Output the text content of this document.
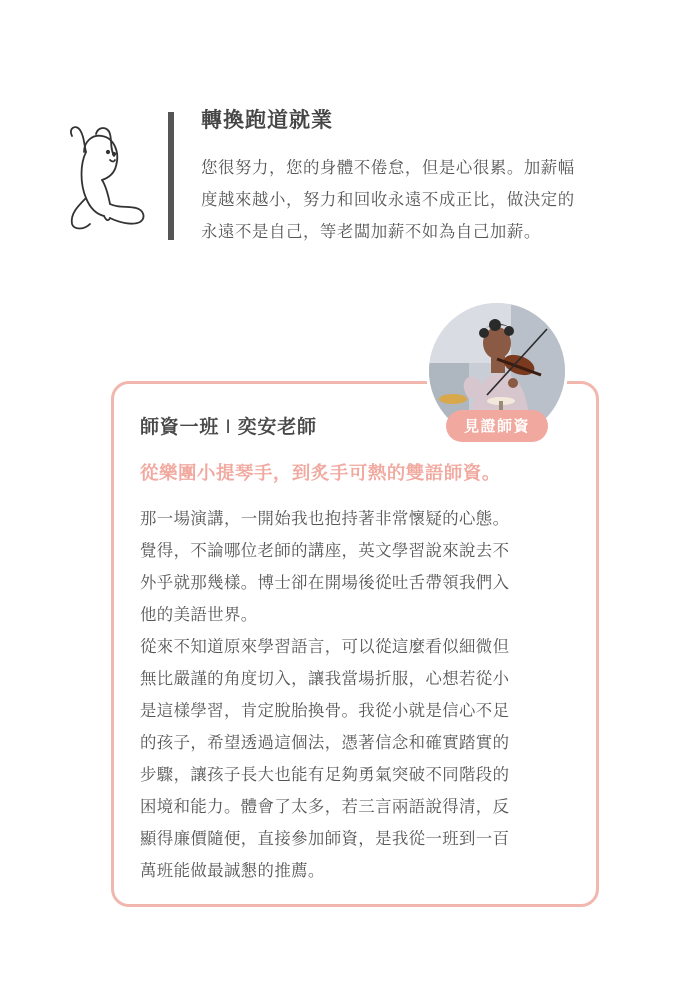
轉換跑道就業

您很努力，您的身體不倦怠，但是心很累。加薪幅
度越來越小，努力和回收永遠不成正比，做決定的
永遠不是自己，等老闆加薪不如為自己加薪。

見證師資
師資一班 I 奕安老師
從樂團小提琴手，到炙手可熱的雙語師資。

那一場演講，一開始我也抱持著非常懷疑的心態。
覺得，不論哪位老師的講座，英文學習說來說去不
外乎就那幾樣。博士卻在開場後從吐舌帶領我們入
他的美語世界。
從來不知道原來學習語言，可以從這麼看似細微但
無比嚴謹的角度切入，讓我當場折服，心想若從小
是這樣學習，肯定脫胎換骨。我從小就是信心不足
的孩子，希望透過這個法，憑著信念和確實踏實的
步驟，讓孩子長大也能有足夠勇氣突破不同階段的
困境和能力。體會了太多，若三言兩語說得清，反
顯得廉價隨便，直接參加師資，是我從一班到一百
萬班能做最誠懇的推薦。
